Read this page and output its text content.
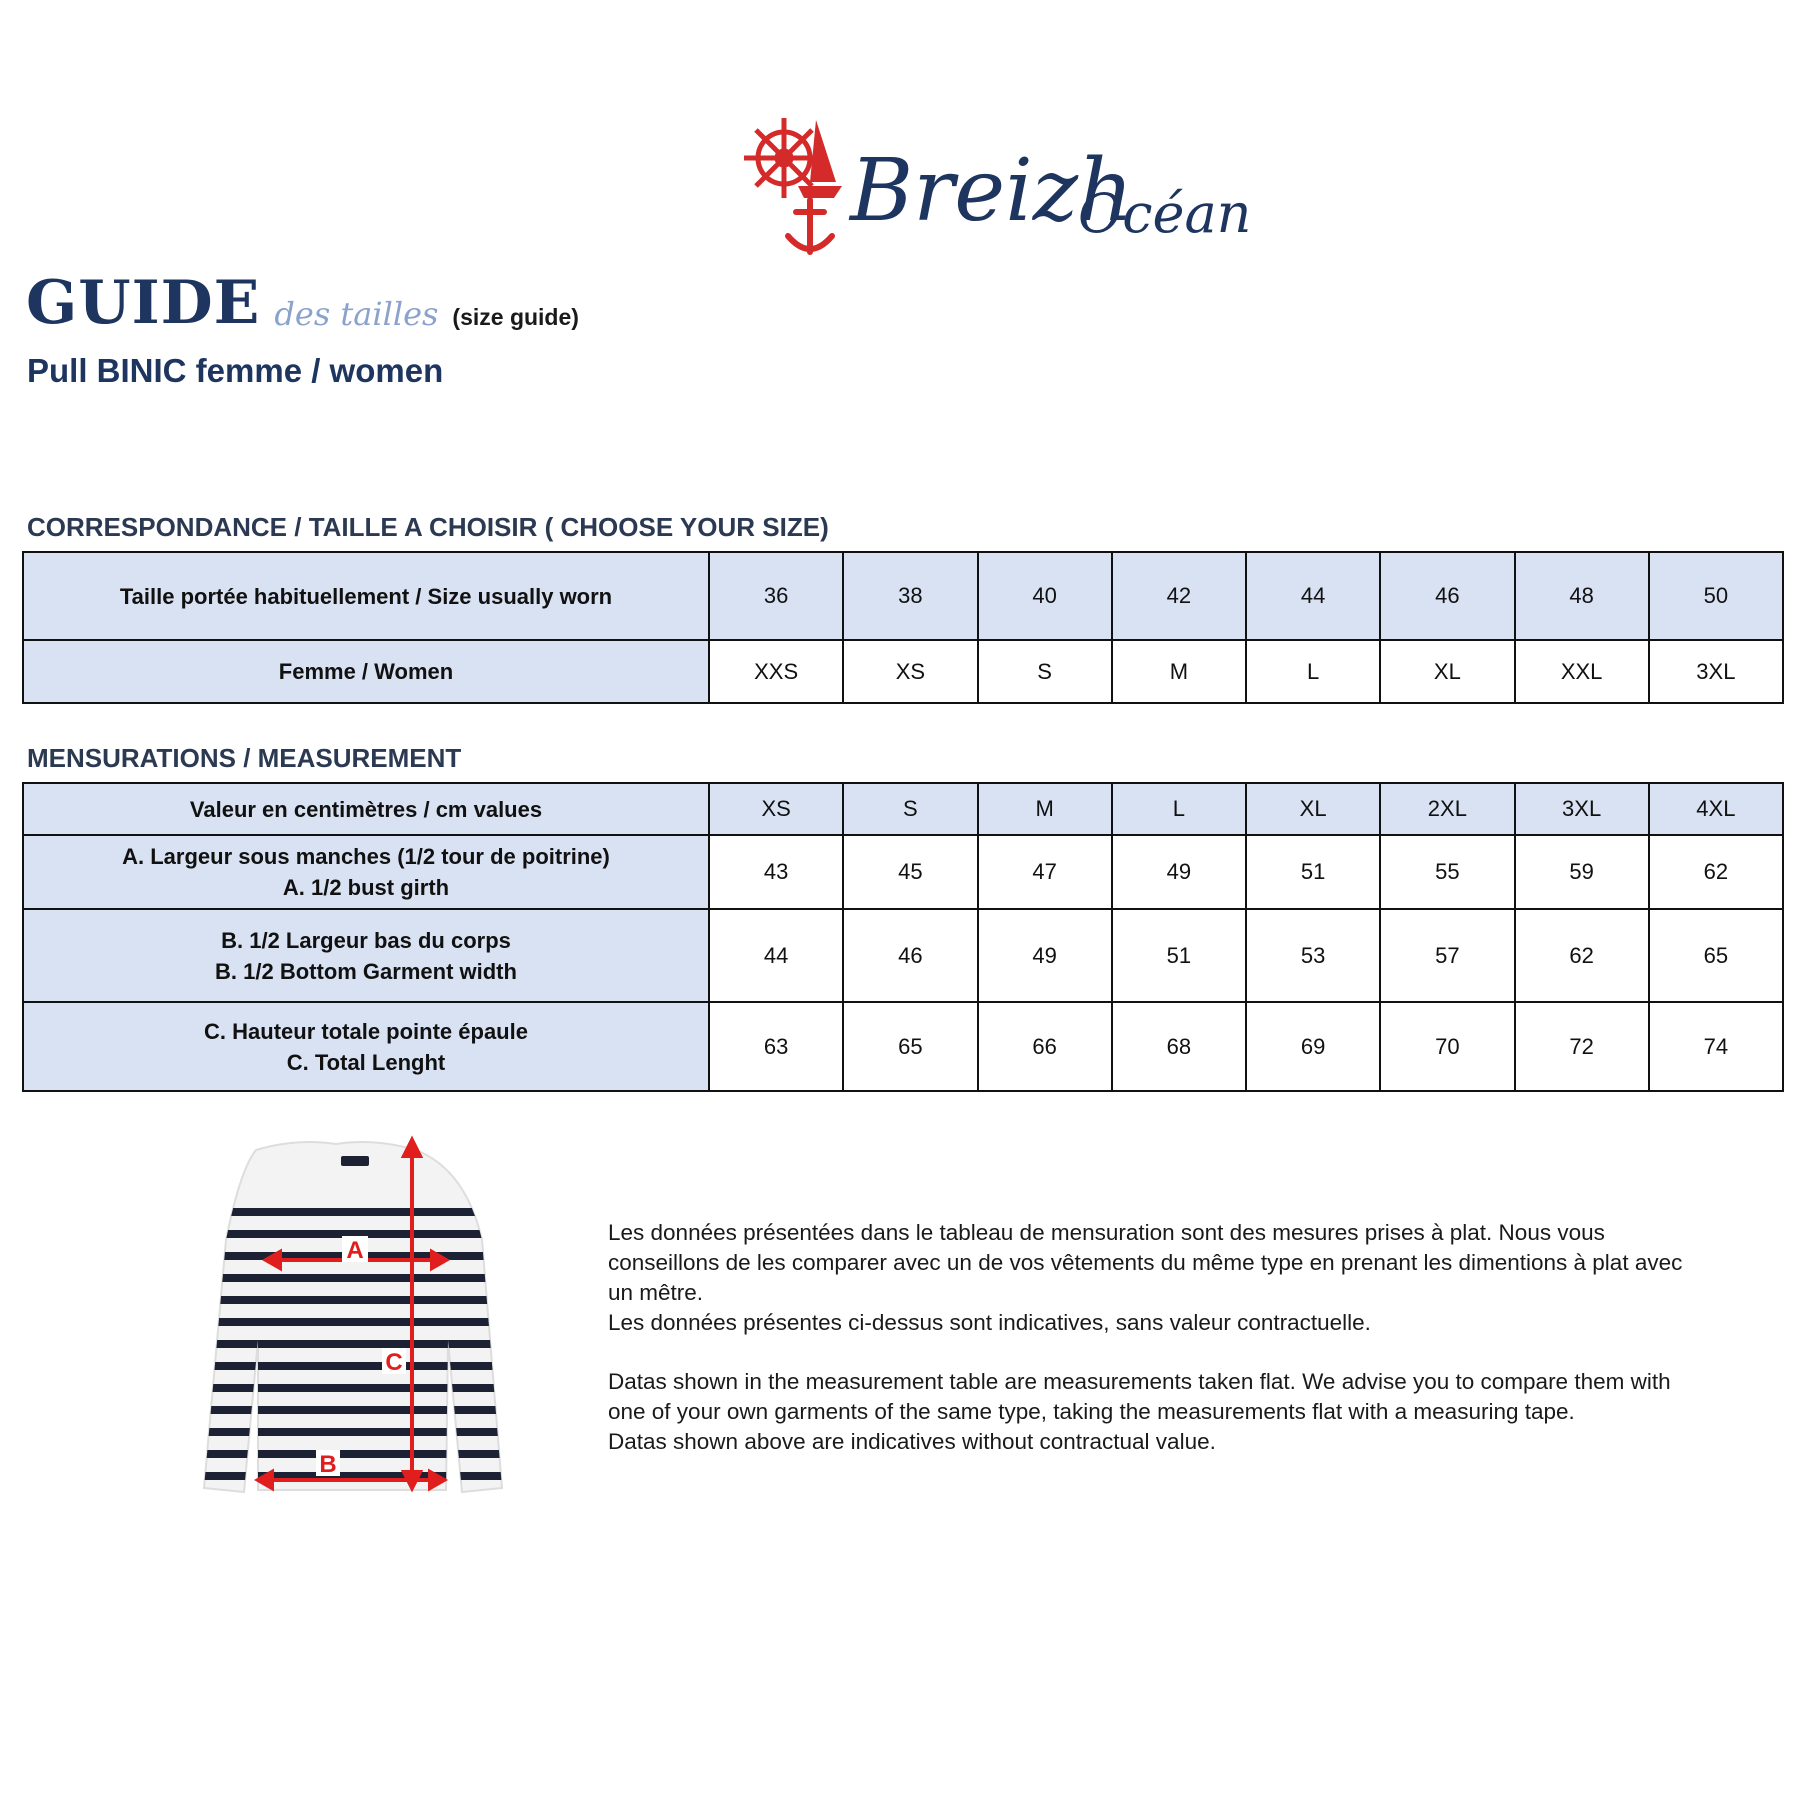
Breizh
Océan
GUIDE des tailles (size guide)
Pull BINIC femme / women
CORRESPONDANCE / TAILLE A CHOISIR ( CHOOSE YOUR SIZE)
Taille portée habituellement / Size usually worn	36	38	40	42	44	46	48	50
Femme / Women	XXS	XS	S	M	L	XL	XXL	3XL
MENSURATIONS / MEASUREMENT
Valeur en centimètres / cm values	XS	S	M	L	XL	2XL	3XL	4XL

A. Largeur sous manches (1/2 tour de poitrine)
A. 1/2 bust girth	43	45	47	49	51	55	59	62

B. 1/2 Largeur bas du corps
B. 1/2 Bottom Garment width	44	46	49	51	53	57	62	65

C. Hauteur totale pointe épaule
C. Total Lenght	63	65	66	68	69	70	72	74
A
C
B

Les données présentées dans le tableau de mensuration sont des mesures prises à plat. Nous vous conseillons de les comparer avec un de vos vêtements du même type en prenant les dimentions à plat avec un mêtre.

Les données présentes ci-dessus sont indicatives, sans valeur contractuelle.

Datas shown in the measurement table are measurements taken flat. We advise you to compare them with one of your own garments of the same type, taking the measurements flat with a measuring tape.

Datas shown above are indicatives without contractual value.
